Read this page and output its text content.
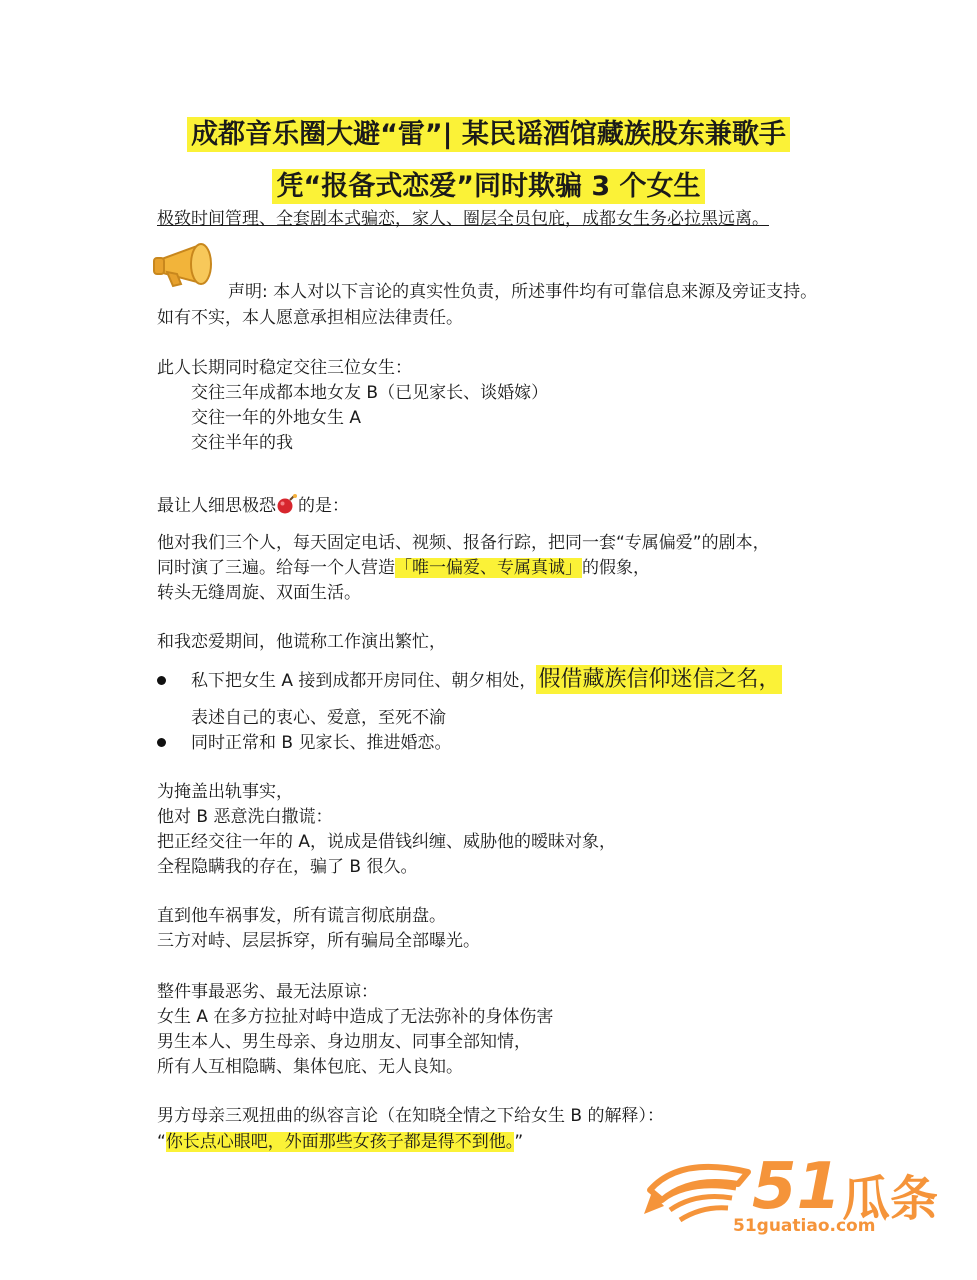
成都音乐圈大避“雷”| 某民谣酒馆藏族股东兼歌手
凭“报备式恋爱”同时欺骗 3 个女生
极致时间管理、全套剧本式骗恋，家人、圈层全员包庇，成都女生务必拉黑远离。
声明: 本人对以下言论的真实性负责，所述事件均有可靠信息来源及旁证支持。
如有不实，本人愿意承担相应法律责任。
此人长期同时稳定交往三位女生：
交往三年成都本地女友 B（已见家长、谈婚嫁）
交往一年的外地女生 A
交往半年的我
最让人细思极恐 的是：
他对我们三个人，每天固定电话、视频、报备行踪，把同一套“专属偏爱”的剧本，
同时演了三遍。给每一个人营造「唯一偏爱、专属真诚」的假象，
转头无缝周旋、双面生活。
和我恋爱期间，他谎称工作演出繁忙，
私下把女生 A 接到成都开房同住、朝夕相处，假借藏族信仰迷信之名，
表述自己的衷心、爱意，至死不渝
同时正常和 B 见家长、推进婚恋。
为掩盖出轨事实，
他对 B 恶意洗白撒谎：
把正经交往一年的 A，说成是借钱纠缠、威胁他的暧昧对象，
全程隐瞒我的存在，骗了 B 很久。
直到他车祸事发，所有谎言彻底崩盘。
三方对峙、层层拆穿，所有骗局全部曝光。
整件事最恶劣、最无法原谅：
女生 A 在多方拉扯对峙中造成了无法弥补的身体伤害
男生本人、男生母亲、身边朋友、同事全部知情，
所有人互相隐瞒、集体包庇、无人良知。
男方母亲三观扭曲的纵容言论（在知晓全情之下给女生 B 的解释）：
“你长点心眼吧，外面那些女孩子都是得不到他。”
51 瓜条
51guatiao.com
